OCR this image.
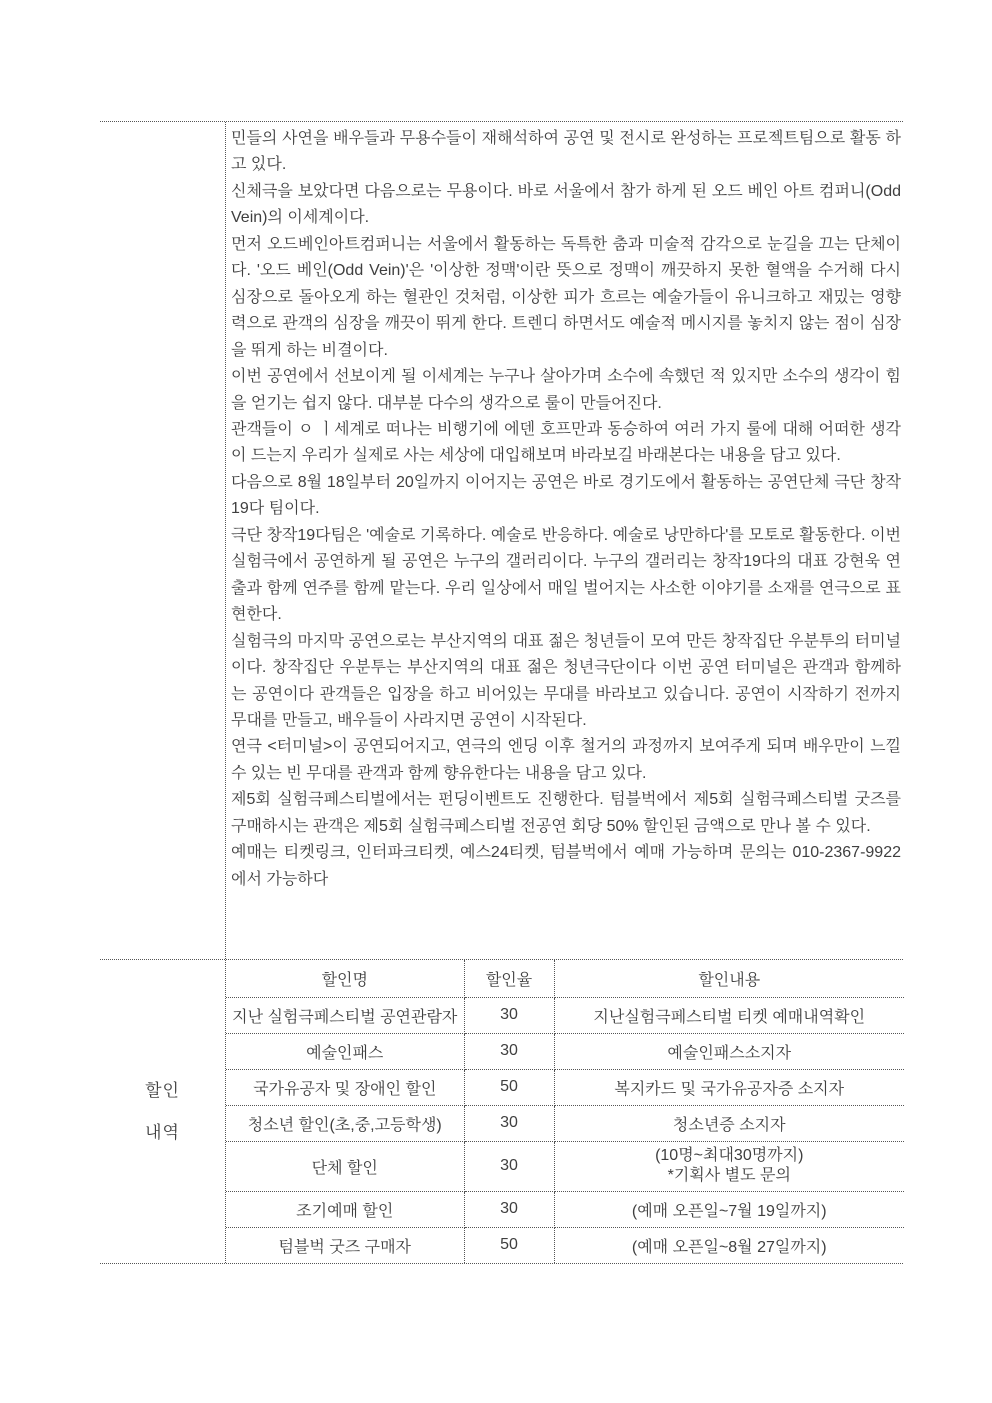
민들의 사연을 배우들과 무용수들이 재해석하여 공연 및 전시로 완성하는 프로젝트팀으로 활동 하고 있다.

신체극을 보았다면 다음으로는 무용이다. 바로 서울에서 참가 하게 된 오드 베인 아트 컴퍼니(Odd Vein)의 이세계이다.

먼저 오드베인아트컴퍼니는 서울에서 활동하는 독특한 춤과 미술적 감각으로 눈길을 끄는 단체이다. '오드 베인(Odd Vein)'은 '이상한 정맥'이란 뜻으로 정맥이 깨끗하지 못한 혈액을 수거해 다시 심장으로 돌아오게 하는 혈관인 것처럼, 이상한 피가 흐르는 예술가들이 유니크하고 재밌는 영향력으로 관객의 심장을 깨끗이 뛰게 한다. 트렌디 하면서도 예술적 메시지를 놓치지 않는 점이 심장을 뛰게 하는 비결이다.

이번 공연에서 선보이게 될 이세계는 누구나 살아가며 소수에 속했던 적 있지만 소수의 생각이 힘을 얻기는 쉽지 않다. 대부분 다수의 생각으로 룰이 만들어진다.

관객들이 ㅇ ㅣ세계로 떠나는 비행기에 에덴 호프만과 동승하여 여러 가지 룰에 대해 어떠한 생각이 드는지 우리가 실제로 사는 세상에 대입해보며 바라보길 바래본다는 내용을 담고 있다.

다음으로 8월 18일부터 20일까지 이어지는 공연은 바로 경기도에서 활동하는 공연단체 극단 창작19다 팀이다.

극단 창작19다팀은 '예술로 기록하다. 예술로 반응하다. 예술로 낭만하다'를 모토로 활동한다. 이번 실험극에서 공연하게 될 공연은 누구의 갤러리이다. 누구의 갤러리는 창작19다의 대표 강현욱 연출과 함께 연주를 함께 맡는다. 우리 일상에서 매일 벌어지는 사소한 이야기를 소재를 연극으로 표현한다.

실험극의 마지막 공연으로는 부산지역의 대표 젊은 청년들이 모여 만든 창작집단 우분투의 터미널이다. 창작집단 우분투는 부산지역의 대표 젊은 청년극단이다 이번 공연 터미널은 관객과 함께하는 공연이다 관객들은 입장을 하고 비어있는 무대를 바라보고 있습니다. 공연이 시작하기 전까지 무대를 만들고, 배우들이 사라지면 공연이 시작된다.

연극 <터미널>이 공연되어지고, 연극의 엔딩 이후 철거의 과정까지 보여주게 되며 배우만이 느낄 수 있는 빈 무대를 관객과 함께 향유한다는 내용을 담고 있다.

제5회 실험극페스티벌에서는 펀딩이벤트도 진행한다. 텀블벅에서 제5회 실험극페스티벌 굿즈를 구매하시는 관객은 제5회 실험극페스티벌 전공연 회당 50% 할인된 금액으로 만나 볼 수 있다.

예매는 티켓링크, 인터파크티켓, 예스24티켓, 텀블벅에서 예매 가능하며 문의는 010-2367-9922 에서 가능하다

할인
내역
할인명	할인율	할인내용
지난 실험극페스티벌 공연관람자	30	지난실험극페스티벌 티켓 예매내역확인
예술인패스	30	예술인패스소지자
국가유공자 및 장애인 할인	50	복지카드 및 국가유공자증 소지자
청소년 할인(초,중,고등학생)	30	청소년증 소지자
단체 할인	30	(10명~최대30명까지)
*기획사 별도 문의

조기예매 할인	30	(예매 오픈일~7월 19일까지)
텀블벅 굿즈 구매자	50	(예매 오픈일~8월 27일까지)
